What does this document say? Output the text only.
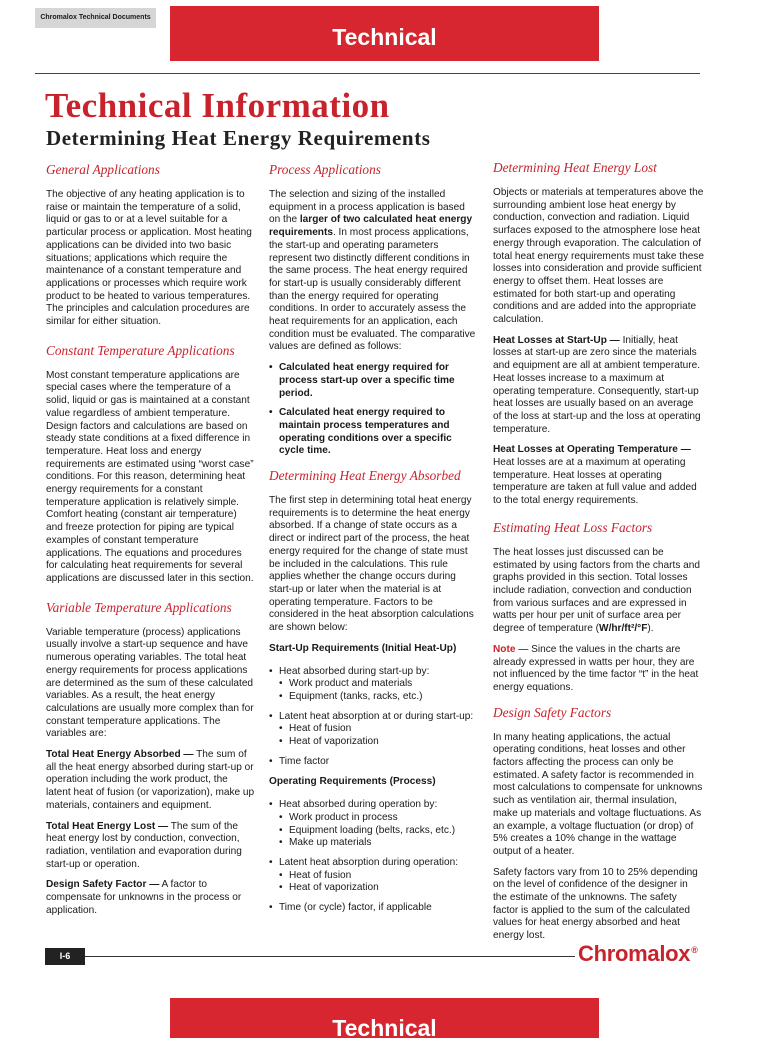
Chromalox Technical Documents
Technical
Technical Information
Determining Heat Energy Requirements
General Applications

The objective of any heating application is to raise or maintain the temperature of a solid, liquid or gas to or at a level suitable for a particular process or application. Most heating applications can be divided into two basic situations; applications which require the maintenance of a constant temperature and applications or processes which require work product to be heated to various temperatures. The principles and calculation procedures are similar for either situation.

Constant Temperature Applications

Most constant temperature applications are special cases where the temperature of a solid, liquid or gas is maintained at a constant value regardless of ambient temperature. Design factors and calculations are based on steady state conditions at a fixed difference in temperature. Heat loss and energy requirements are estimated using “worst case” conditions. For this reason, determining heat energy requirements for a constant temperature application is relatively simple. Comfort heating (constant air temperature) and freeze protection for piping are typical examples of constant temperature applications. The equations and procedures for calculating heat requirements for several applications are discussed later in this section.

Variable Temperature Applications

Variable temperature (process) applications usually involve a start-up sequence and have numerous operating variables. The total heat energy requirements for process applications are determined as the sum of these calculated variables. As a result, the heat energy calculations are usually more complex than for constant temperature applications. The variables are:

Total Heat Energy Absorbed — The sum of all the heat energy absorbed during start-up or operation including the work product, the latent heat of fusion (or vaporization), make up materials, containers and equipment.

Total Heat Energy Lost — The sum of the heat energy lost by conduction, convection, radiation, ventilation and evaporation during start-up or operation.

Design Safety Factor — A factor to compensate for unknowns in the process or application.

Process Applications

The selection and sizing of the installed equipment in a process application is based on the larger of two calculated heat energy requirements. In most process applications, the start-up and operating parameters represent two distinctly different conditions in the same process. The heat energy required for start-up is usually considerably different than the energy required for operating conditions. In order to accurately assess the heat requirements for an application, each condition must be evaluated. The comparative values are defined as follows:

• Calculated heat energy required for process start-up over a specific time period.
• Calculated heat energy required to maintain process temperatures and operating conditions over a specific cycle time.
Determining Heat Energy Absorbed

The first step in determining total heat energy requirements is to determine the heat energy absorbed. If a change of state occurs as a direct or indirect part of the process, the heat energy required for the change of state must be included in the calculations. This rule applies whether the change occurs during start-up or later when the material is at operating temperature. Factors to be considered in the heat absorption calculations are shown below:

Start-Up Requirements (Initial Heat-Up)
• Heat absorbed during start-up by:
• Work product and materials
• Equipment (tanks, racks, etc.)
• Latent heat absorption at or during start-up:
• Heat of fusion
• Heat of vaporization
• Time factor
Operating Requirements (Process)
• Heat absorbed during operation by:
• Work product in process
• Equipment loading (belts, racks, etc.)
• Make up materials
• Latent heat absorption during operation:
• Heat of fusion
• Heat of vaporization
• Time (or cycle) factor, if applicable
Determining Heat Energy Lost

Objects or materials at temperatures above the surrounding ambient lose heat energy by conduction, convection and radiation. Liquid surfaces exposed to the atmosphere lose heat energy through evaporation. The calculation of total heat energy requirements must take these losses into consideration and provide sufficient energy to offset them. Heat losses are estimated for both start-up and operating conditions and are added into the appropriate calculation.

Heat Losses at Start-Up — Initially, heat losses at start-up are zero since the materials and equipment are all at ambient temperature. Heat losses increase to a maximum at operating temperature. Consequently, start-up heat losses are usually based on an average of the loss at start-up and the loss at operating temperature.

Heat Losses at Operating Temperature — Heat losses are at a maximum at operating temperature. Heat losses at operating temperature are taken at full value and added to the total energy requirements.

Estimating Heat Loss Factors

The heat losses just discussed can be estimated by using factors from the charts and graphs provided in this section. Total losses include radiation, convection and conduction from various surfaces and are expressed in watts per hour per unit of surface area per degree of temperature (W/hr/ft²/°F).

Note — Since the values in the charts are already expressed in watts per hour, they are not influenced by the time factor “t” in the heat energy equations.

Design Safety Factors

In many heating applications, the actual operating conditions, heat losses and other factors affecting the process can only be estimated. A safety factor is recommended in most calculations to compensate for unknowns such as ventilation air, thermal insulation, make up materials and voltage fluctuations. As an example, a voltage fluctuation (or drop) of 5% creates a 10% change in the wattage output of a heater.

Safety factors vary from 10 to 25% depending on the level of confidence of the designer in the estimate of the unknowns. The safety factor is applied to the sum of the calculated values for heat energy absorbed and heat energy lost.

I-6	Chromalox®
Technical
